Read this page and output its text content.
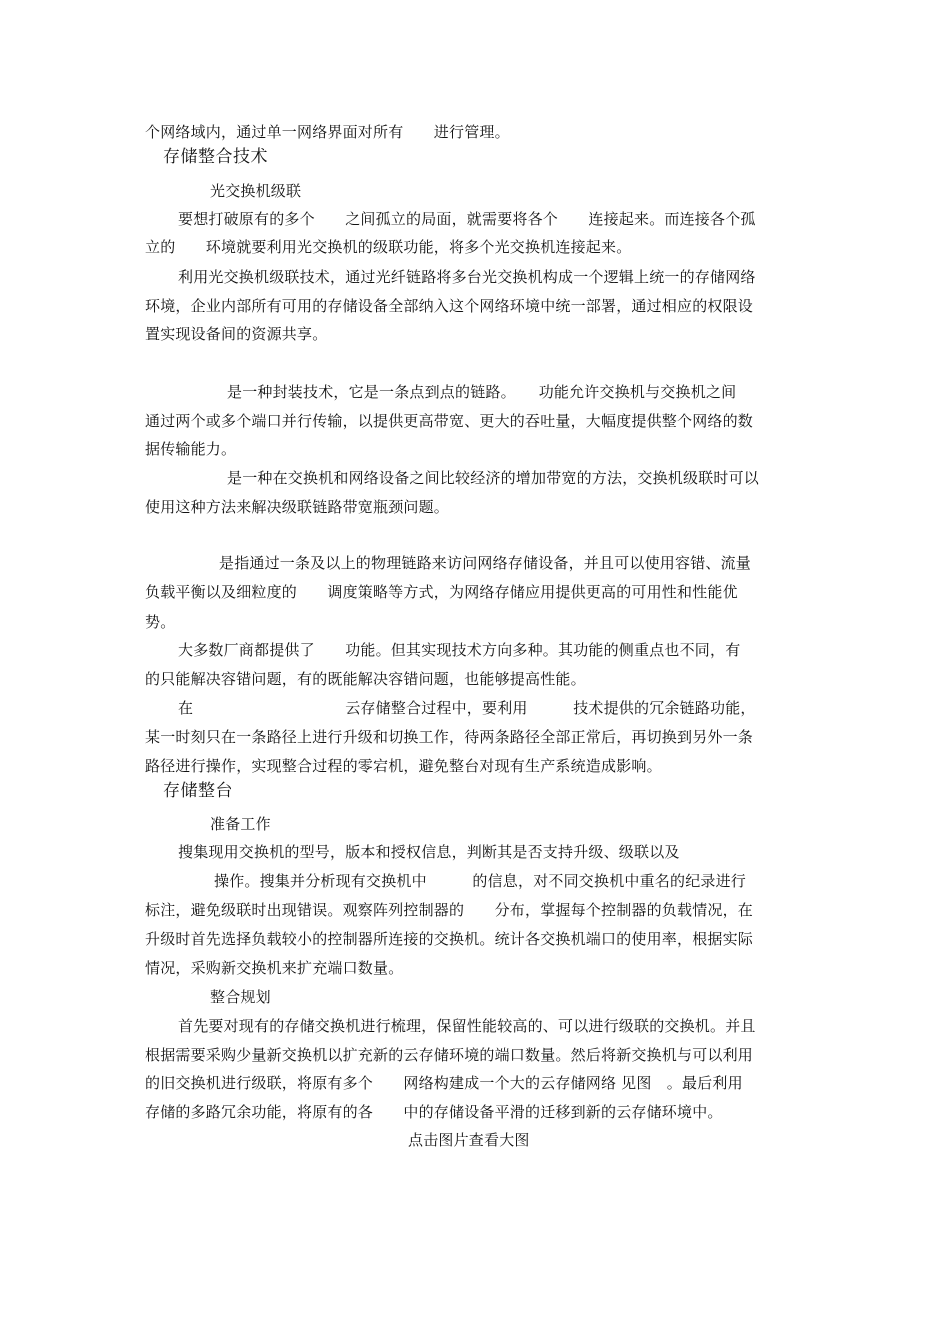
个网络域内，通过单一网络界面对所有　　进行管理。
存储整合技术
光交换机级联
要想打破原有的多个　　之间孤立的局面，就需要将各个　　连接起来。而连接各个孤
立的　　环境就要利用光交换机的级联功能，将多个光交换机连接起来。
利用光交换机级联技术，通过光纤链路将多台光交换机构成一个逻辑上统一的存储网络
环境，企业内部所有可用的存储设备全部纳入这个网络环境中统一部署，通过相应的权限设
置实现设备间的资源共享。
是一种封装技术，它是一条点到点的链路。　　功能允许交换机与交换机之间
通过两个或多个端口并行传输，以提供更高带宽、更大的吞吐量，大幅度提供整个网络的数
据传输能力。
是一种在交换机和网络设备之间比较经济的增加带宽的方法，交换机级联时可以
使用这种方法来解决级联链路带宽瓶颈问题。
是指通过一条及以上的物理链路来访问网络存储设备，并且可以使用容错、流量
负载平衡以及细粒度的　　调度策略等方式，为网络存储应用提供更高的可用性和性能优
势。
大多数厂商都提供了　　功能。但其实现技术方向多种。其功能的侧重点也不同，有
的只能解决容错问题，有的既能解决容错问题，也能够提高性能。
在　　　　　　　　　　云存储整合过程中，要利用　　　技术提供的冗余链路功能，
某一时刻只在一条路径上进行升级和切换工作，待两条路径全部正常后，再切换到另外一条
路径进行操作，实现整合过程的零宕机，避免整台对现有生产系统造成影响。
存储整台
准备工作
搜集现用交换机的型号，版本和授权信息，判断其是否支持升级、级联以及
操作。搜集并分析现有交换机中　　　的信息，对不同交换机中重名的纪录进行
标注，避免级联时出现错误。观察阵列控制器的　　分布，掌握每个控制器的负载情况，在
升级时首先选择负载较小的控制器所连接的交换机。统计各交换机端口的使用率，根据实际
情况，采购新交换机来扩充端口数量。
整合规划
首先要对现有的存储交换机进行梳理，保留性能较高的、可以进行级联的交换机。并且
根据需要采购少量新交换机以扩充新的云存储环境的端口数量。然后将新交换机与可以利用
的旧交换机进行级联，将原有多个　　网络构建成一个大的云存储网络 见图　。最后利用
存储的多路冗余功能，将原有的各　　中的存储设备平滑的迁移到新的云存储环境中。
点击图片查看大图
